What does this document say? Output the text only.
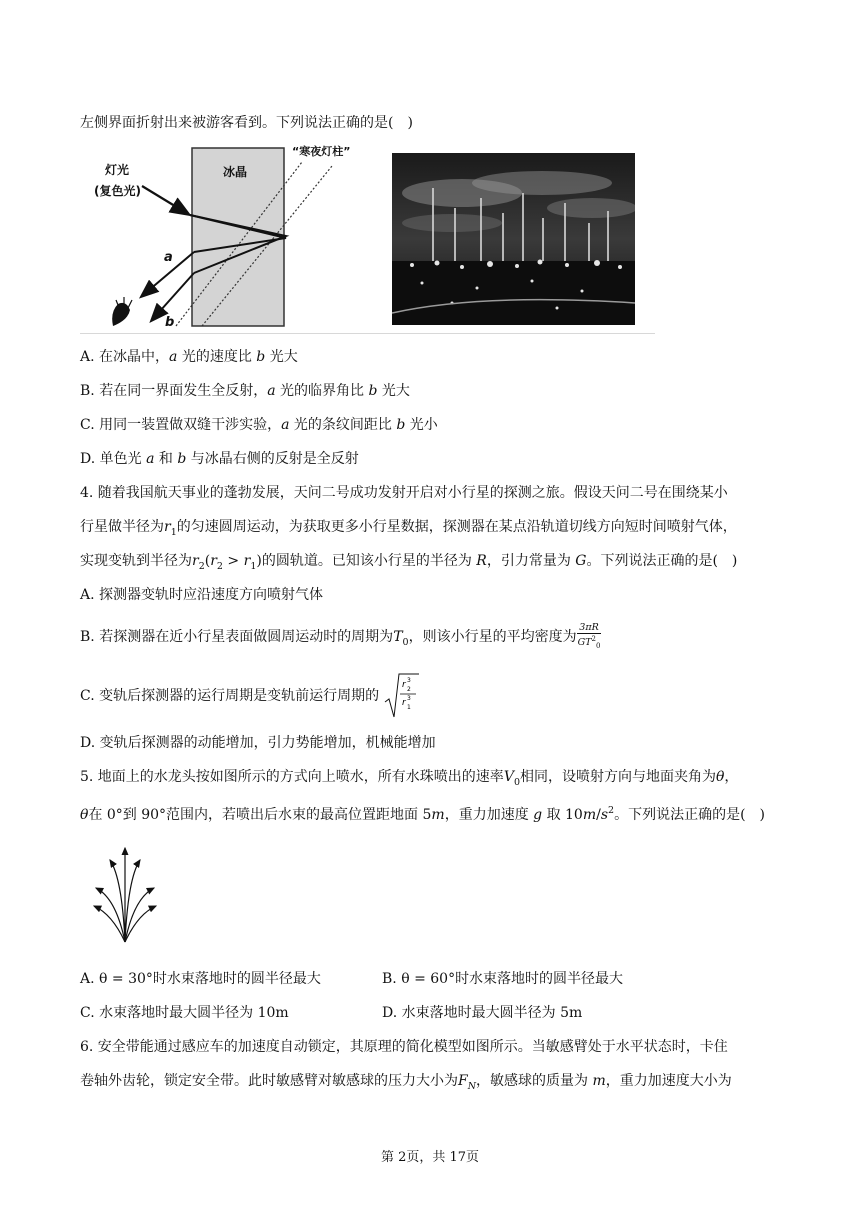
左侧界面折射出来被游客看到。下列说法正确的是(　)
冰晶
灯光
(复色光)
“寒夜灯柱”
a
b
A. 在冰晶中，a 光的速度比 b 光大
B. 若在同一界面发生全反射，a 光的临界角比 b 光大
C. 用同一装置做双缝干涉实验，a 光的条纹间距比 b 光小
D. 单色光 a 和 b 与冰晶右侧的反射是全反射
4. 随着我国航天事业的蓬勃发展，天问二号成功发射开启对小行星的探测之旅。假设天问二号在围绕某小
行星做半径为$r_1$的匀速圆周运动，为获取更多小行星数据，探测器在某点沿轨道切线方向短时间喷射气体，
实现变轨到半径为$r_2(r_2 > r_1)$的圆轨道。已知该小行星的半径为 R，引力常量为 G。下列说法正确的是(　)
A. 探测器变轨时应沿速度方向喷射气体
B. 若探测器在近小行星表面做圆周运动时的周期为$T_0$，则该小行星的平均密度为 $\frac{3\pi R}{GT^2_0}$
C. 变轨后探测器的运行周期是变轨前运行周期的
r 3
2
r 3
1
D. 变轨后探测器的动能增加，引力势能增加，机械能增加
5. 地面上的水龙头按如图所示的方式向上喷水，所有水珠喷出的速率$V_0$相同，设喷射方向与地面夹角为θ，
θ在 0°到 90°范围内，若喷出后水束的最高位置距地面 5m，重力加速度 g 取 $10m/s^2$。下列说法正确的是(　)
A. θ = 30°时水束落地时的圆半径最大	B. θ = 60°时水束落地时的圆半径最大
C. 水束落地时最大圆半径为 10m	D. 水束落地时最大圆半径为 5m
6. 安全带能通过感应车的加速度自动锁定，其原理的简化模型如图所示。当敏感臂处于水平状态时，卡住
卷轴外齿轮，锁定安全带。此时敏感臂对敏感球的压力大小为$F_N$，敏感球的质量为 m，重力加速度大小为
第 2页，共 17页
